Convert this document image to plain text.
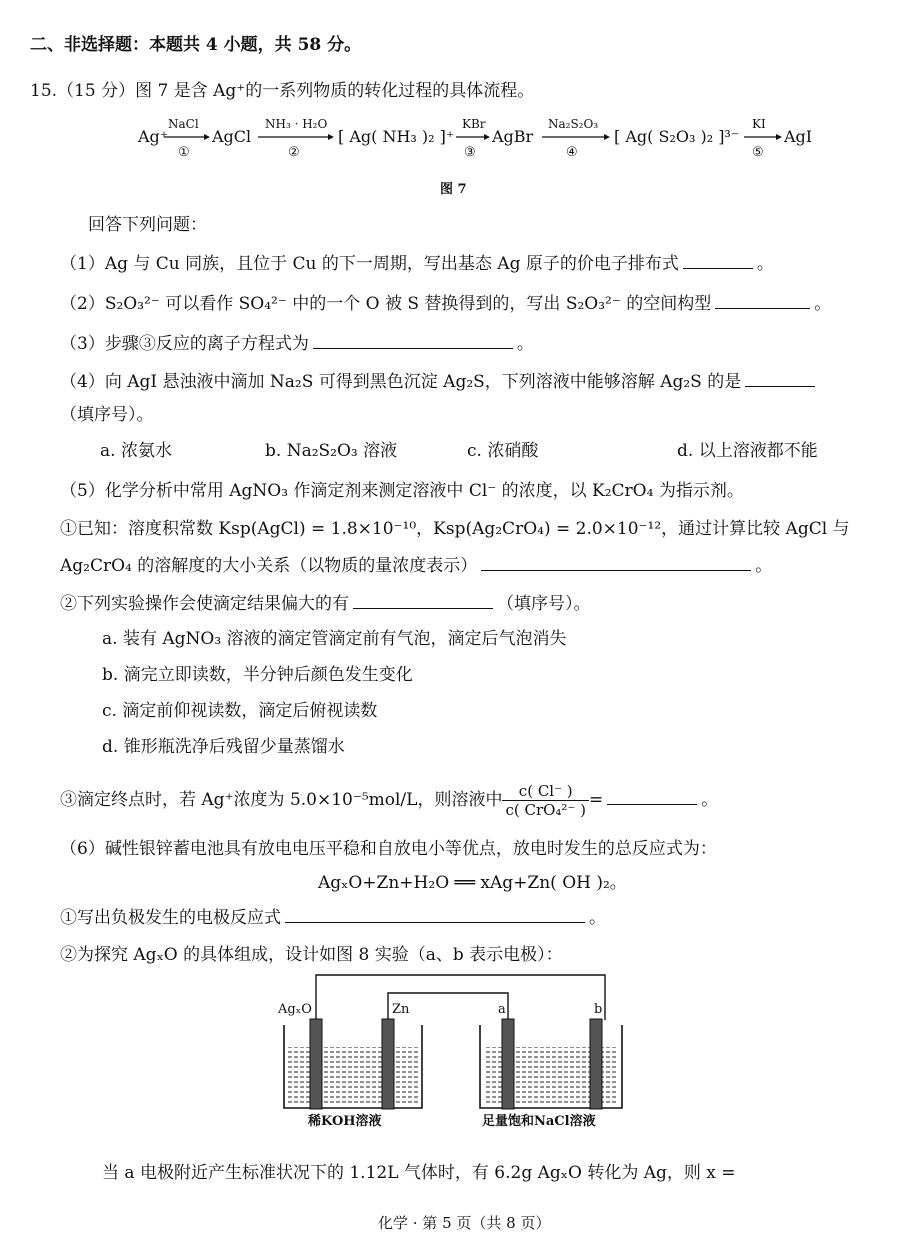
二、非选择题：本题共 4 小题，共 58 分。
15.（15 分）图 7 是含 Ag⁺的一系列物质的转化过程的具体流程。
Ag⁺
NaCl
①
AgCl
NH₃ · H₂O
②
[ Ag( NH₃ )₂ ]⁺
KBr
③
AgBr
Na₂S₂O₃
④
[ Ag( S₂O₃ )₂ ]³⁻
KI
⑤
AgI
图 7
回答下列问题：
（1）Ag 与 Cu 同族，且位于 Cu 的下一周期，写出基态 Ag 原子的价电子排布式	。
（2）S₂O₃²⁻ 可以看作 SO₄²⁻ 中的一个 O 被 S 替换得到的，写出 S₂O₃²⁻ 的空间构型	。
（3）步骤③反应的离子方程式为	。
（4）向 AgI 悬浊液中滴加 Na₂S 可得到黑色沉淀 Ag₂S，下列溶液中能够溶解 Ag₂S 的是
（填序号）。
a. 浓氨水	b. Na₂S₂O₃ 溶液	c. 浓硝酸	d. 以上溶液都不能
（5）化学分析中常用 AgNO₃ 作滴定剂来测定溶液中 Cl⁻ 的浓度，以 K₂CrO₄ 为指示剂。
①已知：溶度积常数 Ksp(AgCl) = 1.8×10⁻¹⁰，Ksp(Ag₂CrO₄) = 2.0×10⁻¹²，通过计算比较 AgCl 与
Ag₂CrO₄ 的溶解度的大小关系（以物质的量浓度表示）	。
②下列实验操作会使滴定结果偏大的有	（填序号）。
a. 装有 AgNO₃ 溶液的滴定管滴定前有气泡，滴定后气泡消失
b. 滴完立即读数，半分钟后颜色发生变化
c. 滴定前仰视读数，滴定后俯视读数
d. 锥形瓶洗净后残留少量蒸馏水
③滴定终点时，若 Ag⁺浓度为 5.0×10⁻⁵mol/L，则溶液中 $\frac{c( Cl^- )}{\text{c( CrO₄²⁻ )}}$ =	。
（6）碱性银锌蓄电池具有放电电压平稳和自放电小等优点，放电时发生的总反应式为：
AgₓO+Zn+H₂O ══ xAg+Zn( OH )₂。
①写出负极发生的电极反应式	。
②为探究 AgₓO 的具体组成，设计如图 8 实验（a、b 表示电极）：
AgₓO	Zn	a	b
稀KOH溶液	足量饱和NaCl溶液
当 a 电极附近产生标准状况下的 1.12L 气体时，有 6.2g AgₓO 转化为 Ag，则 x =
化学 · 第 5 页（共 8 页）
